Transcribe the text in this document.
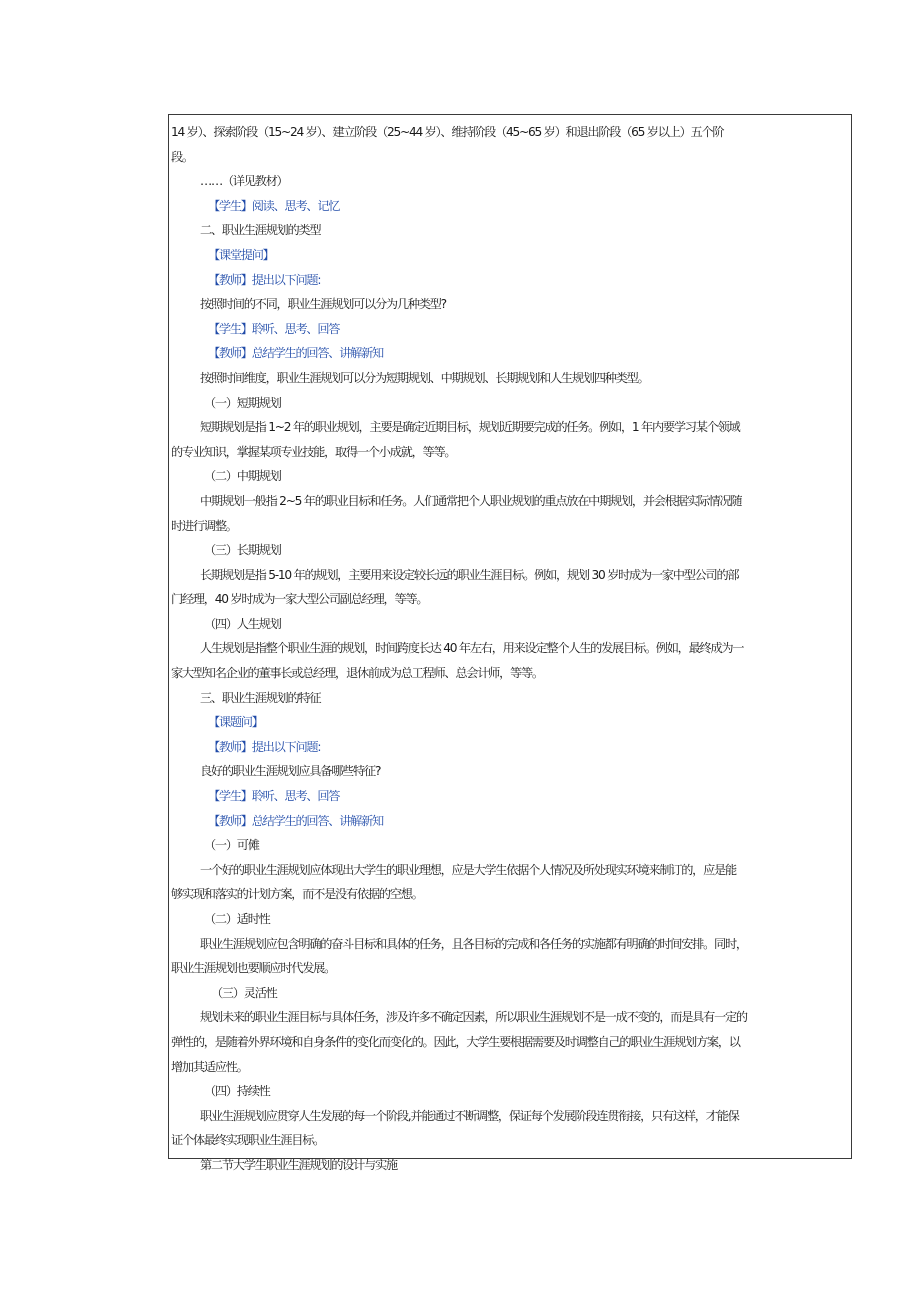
14 岁）、探索阶段（15~24 岁）、建立阶段（25~44 岁）、维持阶段（45~65 岁）和退出阶段（65 岁以上）五个阶
段。
……（详见教材）
【学生】阅读、思考、记忆
二、职业生涯规划的类型
【课堂提问】
【教师】提出以下问题:
按照时间的不同，职业生涯规划可以分为几种类型?
【学生】聆听、思考、回答
【教师】总结学生的回答、讲解新知
按照时间维度，职业生涯规划可以分为短期规划、中期规划、长期规划和人生规划四种类型。
（一）短期规划
短期规划是指 1~2 年的职业规划，主要是确定近期目标，规划近期要完成的任务。例如，1 年内要学习某个领域
的专业知识，掌握某项专业技能，取得一个小成就，等等。
（二）中期规划
中期规划一般指 2~5 年的职业目标和任务。人们通常把个人职业规划的重点放在中期规划，并会根据实际情况随
时进行调整。
（三）长期规划
长期规划是指 5-10 年的规划，主要用来设定较长远的职业生涯目标。例如，规划 30 岁时成为一家中型公司的部
门经理，40 岁时成为一家大型公司副总经理，等等。
（四）人生规划
人生规划是指整个职业生涯的规划，时间跨度长达 40 年左右，用来设定整个人生的发展目标。例如，最终成为一
家大型知名企业的董事长或总经理，退休前成为总工程师、总会计师，等等。
三、职业生涯规划的特征
【课题问】
【教师】提出以下问题:
良好的职业生涯规划应具备哪些特征?
【学生】聆听、思考、回答
【教师】总结学生的回答、讲解新知
（一）可傩
一个好的职业生涯规划应体现出大学生的职业理想，应是大学生依据个人情况及所处现实环境来制订的，应是能
够实现和落实的计划方案，而不是没有依据的空想。
（二）适时性
职业生涯规划应包含明确的奋斗目标和具体的任务，且各目标的完成和各任务的实施都有明确的时间安排。同时，
职业生涯规划也要顺应时代发展。
（三）灵活性
规划未来的职业生涯目标与具体任务，涉及许多不确定因素，所以职业生涯规划不是一成不变的，而是具有一定的
弹性的，是随着外界环境和自身条件的变化而变化的。因此，大学生要根据需要及时调整自己的职业生涯规划方案，以
增加其适应性。
（四）持续性
职业生涯规划应贯穿人生发展的每一个阶段,并能通过不断调整，保证每个发展阶段连贯衔接，只有这样，才能保
证个体最终实现职业生涯目标。
第二节大学生职业生涯规划的设计与实施
